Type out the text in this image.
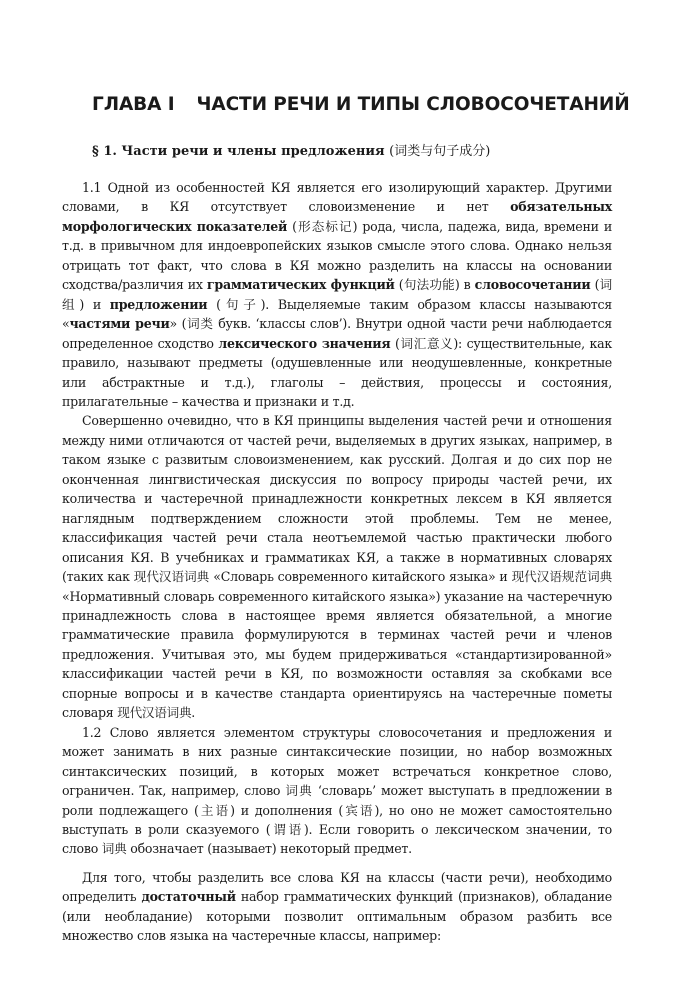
ГЛАВА I ЧАСТИ РЕЧИ И ТИПЫ СЛОВОСОЧЕТАНИЙ
§ 1. Части речи и члены предложения (词类与句子成分)

1.1 Одной из особенностей КЯ является его изолирующий характер. Другими словами, в КЯ отсутствует словоизменение и нет обязательных морфологических показателей (形态标记) рода, числа, падежа, вида, времени и т.д. в привычном для индоевропейских языков смысле этого слова. Однако нельзя отрицать тот факт, что слова в КЯ можно разделить на классы на основании сходства/различия их грамматических функций (句法功能) в словосочетании (词组) и предложении (句子). Выделяемые таким образом классы называются «частями речи» (词类 букв. ‘классы слов’). Внутри одной части речи наблюдается определенное сходство лексического значения (词汇意义): существительные, как правило, называют предметы (одушевленные или неодушевленные, конкретные или абстрактные и т.д.), глаголы – действия, процессы и состояния, прилагательные – качества и признаки и т.д.

Совершенно очевидно, что в КЯ принципы выделения частей речи и отношения между ними отличаются от частей речи, выделяемых в других языках, например, в таком языке с развитым словоизменением, как русский. Долгая и до сих пор не оконченная лингвистическая дискуссия по вопросу природы частей речи, их количества и частеречной принадлежности конкретных лексем в КЯ является наглядным подтверждением сложности этой проблемы. Тем не менее, классификация частей речи стала неотъемлемой частью практически любого описания КЯ. В учебниках и грамматиках КЯ, а также в нормативных словарях (таких как 现代汉语词典 «Словарь современного китайского языка» и 现代汉语规范词典 «Нормативный словарь современного китайского языка») указание на частеречную принадлежность слова в настоящее время является обязательной, а многие грамматические правила формулируются в терминах частей речи и членов предложения. Учитывая это, мы будем придерживаться «стандартизированной» классификации частей речи в КЯ, по возможности оставляя за скобками все спорные вопросы и в качестве стандарта ориентируясь на частеречные пометы словаря 现代汉语词典.

1.2 Слово является элементом структуры словосочетания и предложения и может занимать в них разные синтаксические позиции, но набор возможных синтаксических позиций, в которых может встречаться конкретное слово, ограничен. Так, например, слово 词典 ‘словарь’ может выступать в предложении в роли подлежащего (主语) и дополнения (宾语), но оно не может самостоятельно выступать в роли сказуемого (谓语). Если говорить о лексическом значении, то слово 词典 обозначает (называет) некоторый предмет.

Для того, чтобы разделить все слова КЯ на классы (части речи), необходимо определить достаточный набор грамматических функций (признаков), обладание (или необладание) которыми позволит оптимальным образом разбить все множество слов языка на частеречные классы, например:
